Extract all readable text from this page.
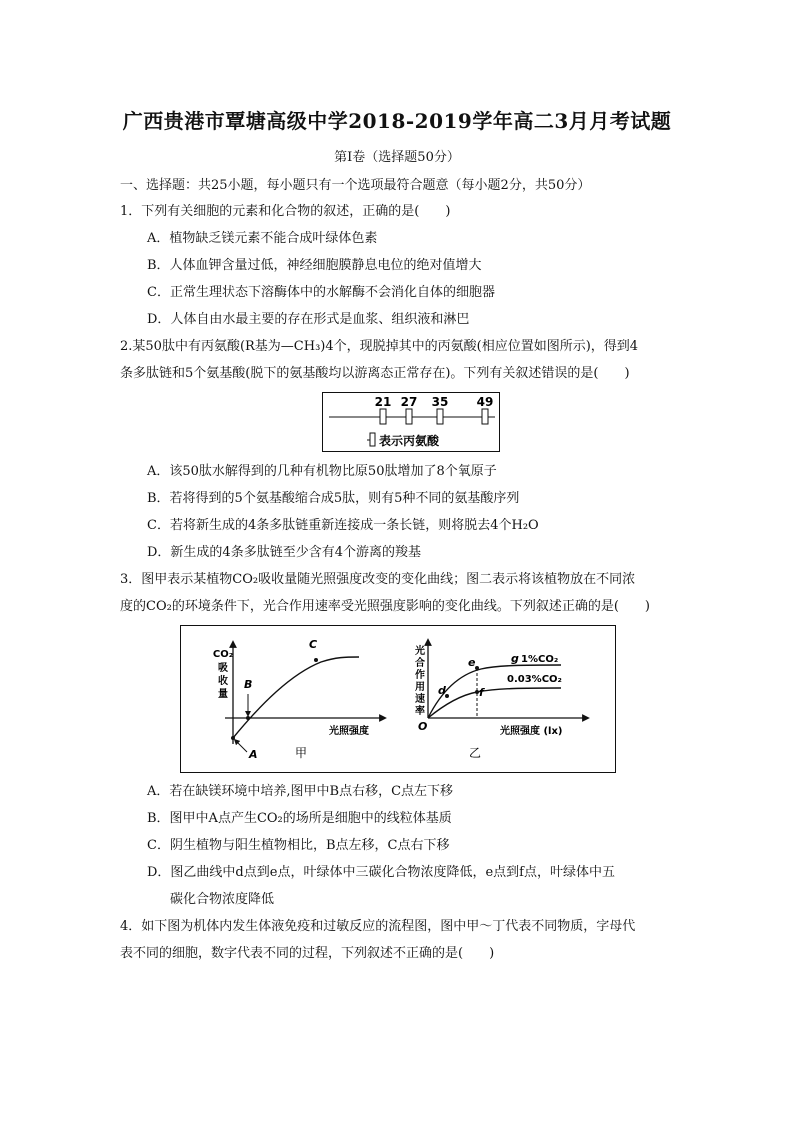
广西贵港市覃塘高级中学2018-2019学年高二3月月考试题
第Ⅰ卷（选择题50分）
一、选择题：共25小题，每小题只有一个选项最符合题意（每小题2分，共50分）
1．下列有关细胞的元素和化合物的叙述，正确的是(　　)
A．植物缺乏镁元素不能合成叶绿体色素
B．人体血钾含量过低，神经细胞膜静息电位的绝对值增大
C．正常生理状态下溶酶体中的水解酶不会消化自体的细胞器
D．人体自由水最主要的存在形式是血浆、组织液和淋巴
2.某50肽中有丙氨酸(R基为—CH₃)4个，现脱掉其中的丙氨酸(相应位置如图所示)，得到4
条多肽链和5个氨基酸(脱下的氨基酸均以游离态正常存在)。下列有关叙述错误的是(　　)
21 27 35 49
表示丙氨酸
A．该50肽水解得到的几种有机物比原50肽增加了8个氧原子
B．若将得到的5个氨基酸缩合成5肽，则有5种不同的氨基酸序列
C．若将新生成的4条多肽链重新连接成一条长链，则将脱去4个H₂O
D．新生成的4条多肽链至少含有4个游离的羧基
3．图甲表示某植物CO₂吸收量随光照强度改变的变化曲线；图二表示将该植物放在不同浓
度的CO₂的环境条件下，光合作用速率受光照强度影响的变化曲线。下列叙述正确的是(　　)
CO₂
吸
收
量
光照强度
A
B
C
甲
光
合
作
用
速
率
O	光照强度 (lx)
d
e
f
g 1%CO₂
0.03%CO₂
乙
A．若在缺镁环境中培养,图甲中B点右移，C点左下移
B．图甲中A点产生CO₂的场所是细胞中的线粒体基质
C．阴生植物与阳生植物相比，B点左移，C点右下移
D．图乙曲线中d点到e点，叶绿体中三碳化合物浓度降低，e点到f点，叶绿体中五
碳化合物浓度降低
4．如下图为机体内发生体液免疫和过敏反应的流程图，图中甲～丁代表不同物质，字母代
表不同的细胞，数字代表不同的过程，下列叙述不正确的是(　　)
